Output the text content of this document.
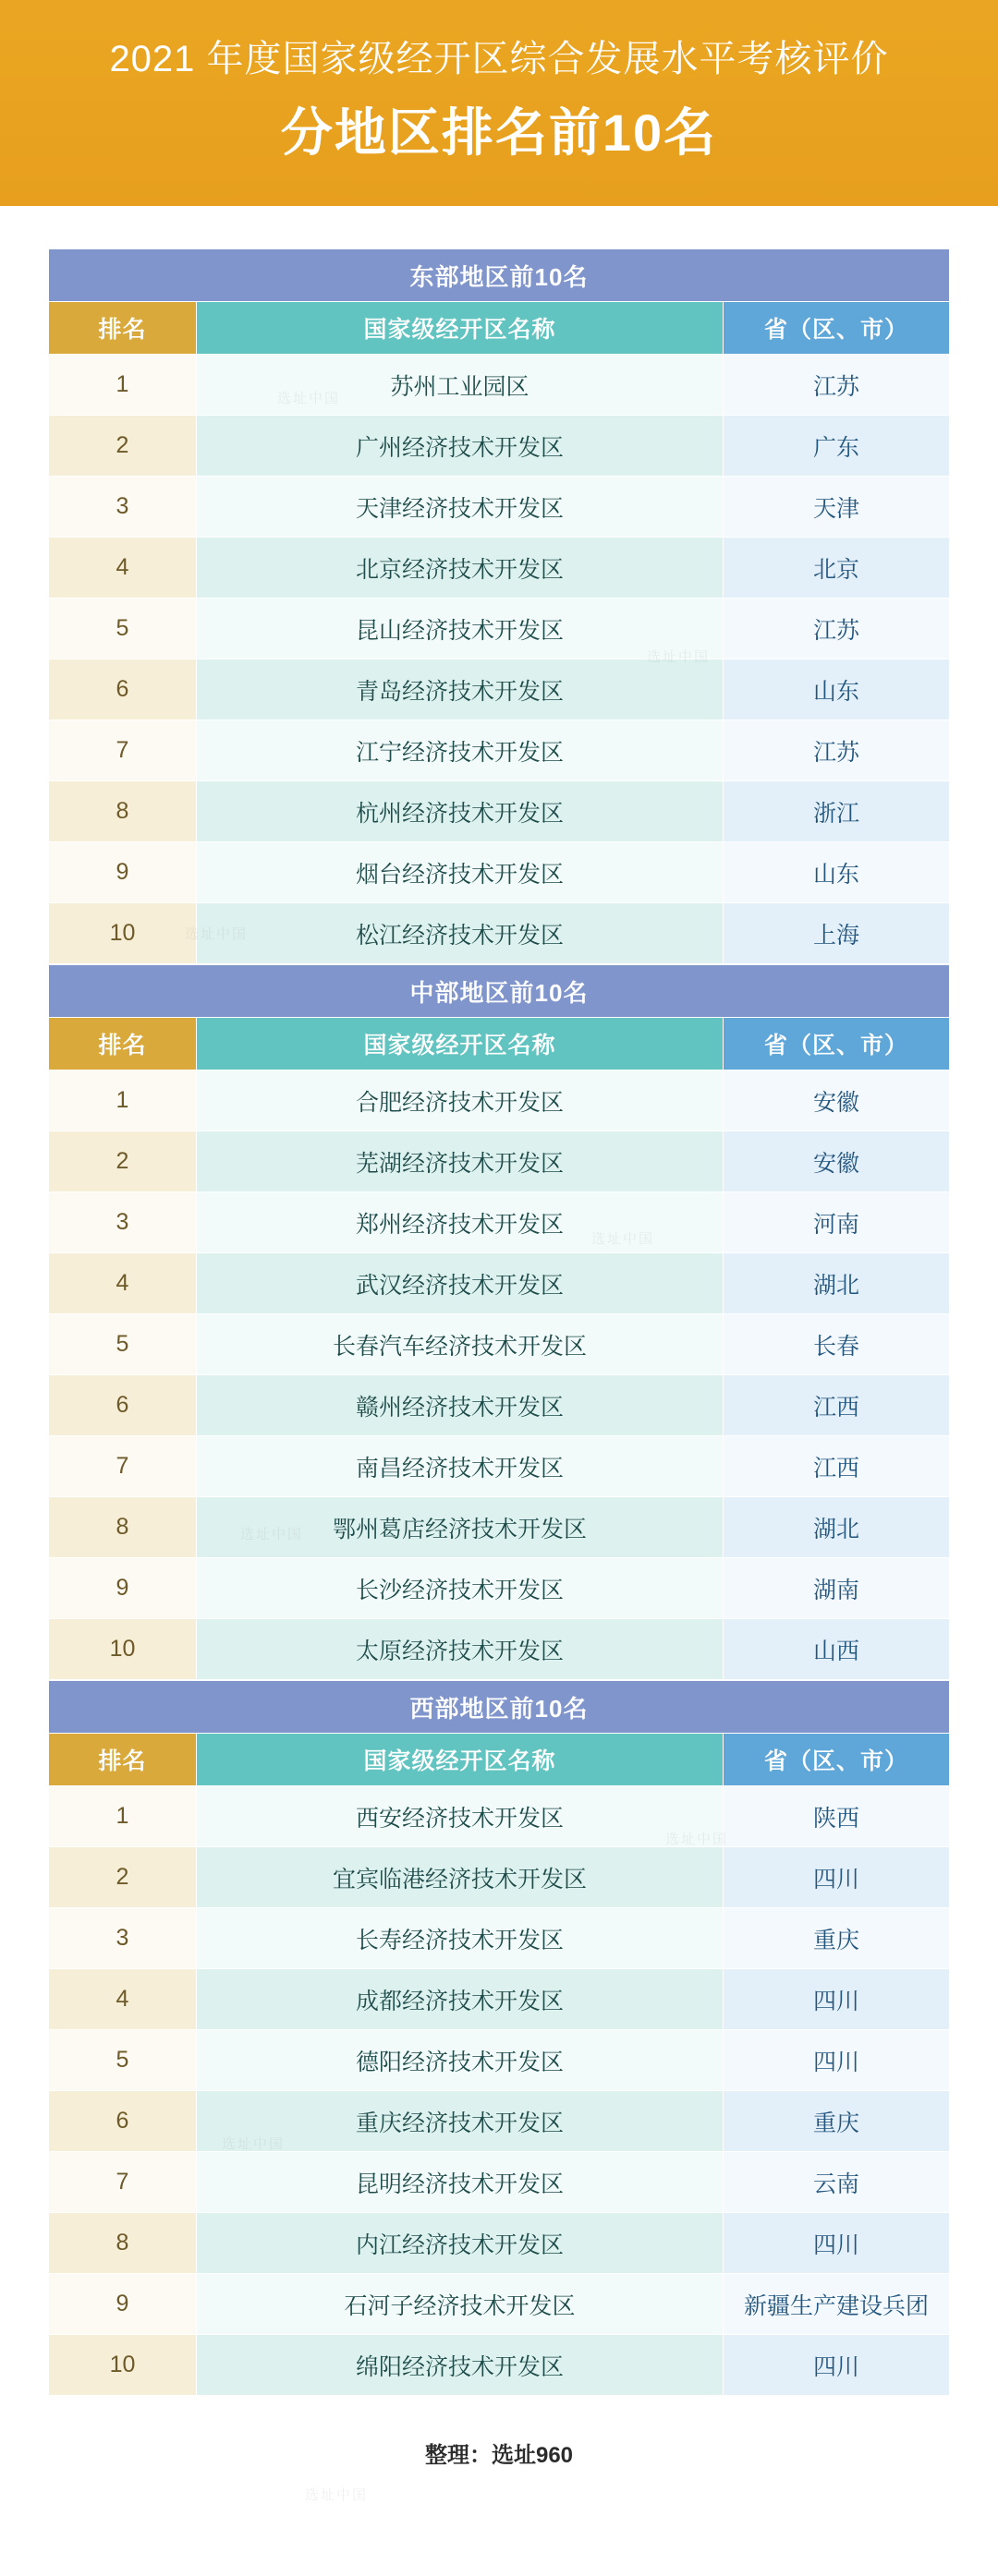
2021 年度国家级经开区综合发展水平考核评价
分地区排名前10名
东部地区前10名		
排名	国家级经开区名称	省（区、市）
1	苏州工业园区	江苏
2	广州经济技术开发区	广东
3	天津经济技术开发区	天津
4	北京经济技术开发区	北京
5	昆山经济技术开发区	江苏
6	青岛经济技术开发区	山东
7	江宁经济技术开发区	江苏
8	杭州经济技术开发区	浙江
9	烟台经济技术开发区	山东
10	松江经济技术开发区	上海
中部地区前10名		
排名	国家级经开区名称	省（区、市）
1	合肥经济技术开发区	安徽
2	芜湖经济技术开发区	安徽
3	郑州经济技术开发区	河南
4	武汉经济技术开发区	湖北
5	长春汽车经济技术开发区	长春
6	赣州经济技术开发区	江西
7	南昌经济技术开发区	江西
8	鄂州葛店经济技术开发区	湖北
9	长沙经济技术开发区	湖南
10	太原经济技术开发区	山西
西部地区前10名		
排名	国家级经开区名称	省（区、市）
1	西安经济技术开发区	陕西
2	宜宾临港经济技术开发区	四川
3	长寿经济技术开发区	重庆
4	成都经济技术开发区	四川
5	德阳经济技术开发区	四川
6	重庆经济技术开发区	重庆
7	昆明经济技术开发区	云南
8	内江经济技术开发区	四川
9	石河子经济技术开发区	新疆生产建设兵团
10	绵阳经济技术开发区	四川
整理：选址960
选址中国
